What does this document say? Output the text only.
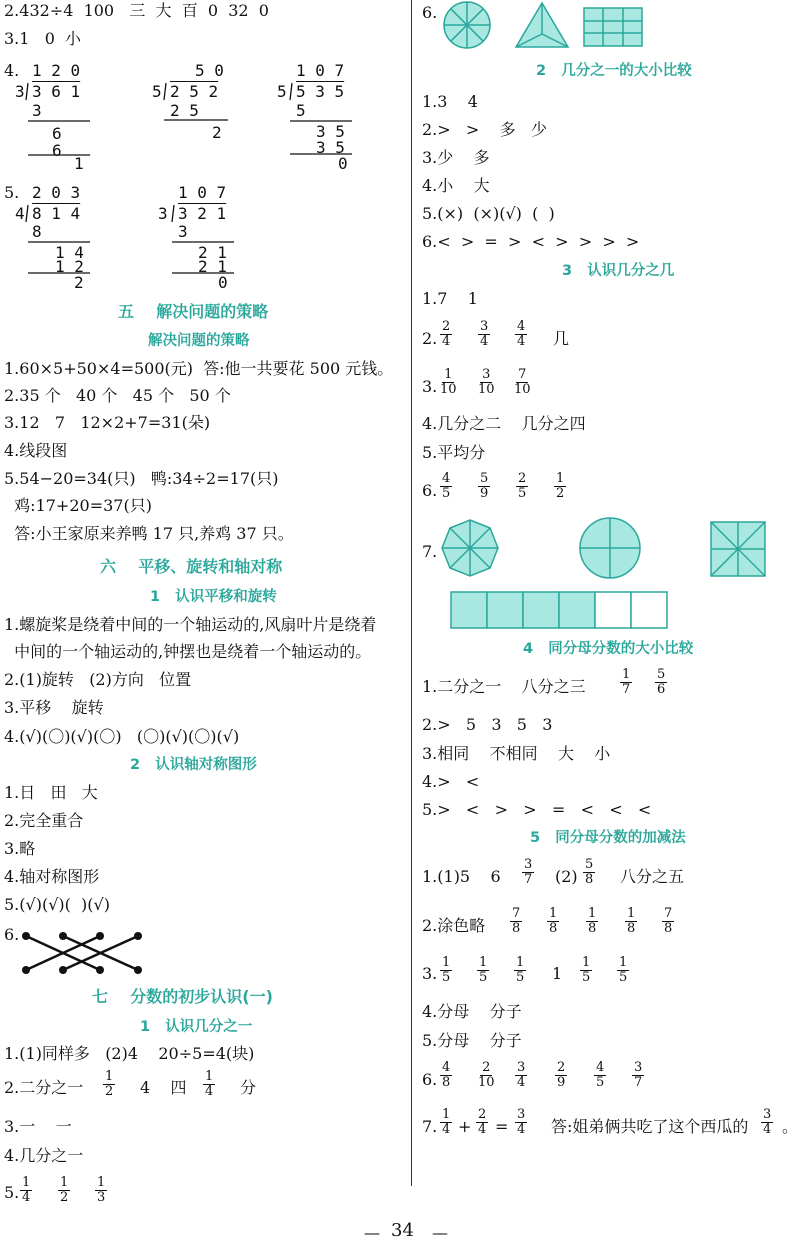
2.432÷4  100   三  大  百  0  32  0
3.1   0  小
4. 1 2 0
3 3 6 1
3
6
6
1
5 0
5 2 5 2
2 5
2
1 0 7
5 5 3 5
5
3 5
3 5
0
5. 2 0 3
4 8 1 4
8
1 4
1 2
2
1 0 7
3 3 2 1
3
2 1
2 1
0
五    解决问题的策略
解决问题的策略
1.60×5+50×4=500(元)  答:他一共要花 500 元钱。
2.35 个   40 个   45 个   50 个
3.12   7   12×2+7=31(朵)
4.线段图
5.54−20=34(只)   鸭:34÷2=17(只)
鸡:17+20=37(只)
答:小王家原来养鸭 17 只,养鸡 37 只。
六    平移、旋转和轴对称
1   认识平移和旋转
1.螺旋桨是绕着中间的一个轴运动的,风扇叶片是绕着
中间的一个轴运动的,钟摆也是绕着一个轴运动的。
2.(1)旋转   (2)方向   位置
3.平移    旋转
4.(√)(〇)(√)(〇)   (〇)(√)(〇)(√)
2   认识轴对称图形
1.日   田   大
2.完全重合
3.略
4.轴对称图形
5.(√)(√)(  )(√)
6.
七    分数的初步认识(一)
1   认识几分之一
1.(1)同样多   (2)4    20÷5=4(块)
2.二分之一
1
2 4    四
1
4 分
3.一    一
4.几分之一
5.
1
4
1
2
1
3
6.
2   几分之一的大小比较
1.3    4
2.>   >    多   少
3.少    多
4.小    大
5.(×)  (×)(√)  (  )
6.<  >  =  >  <  >  >  >  >
3   认识几分之几
1.7    1
2.
2
4
3
4
4
4 几
3.
1
10
3
10
7
10
4.几分之二    几分之四
5.平均分
6.
4
5
5
9
2
5
1
2
7.
4   同分母分数的大小比较
1.二分之一    八分之三
1
7
5
6
2.>   5   3   5   3
3.相同    不相同    大    小
4.>   <
5.>   <   >   >   =   <   <   <
5   同分母分数的加减法
1.(1)5    6
3
7 (2)
5
8 八分之五
2.涂色略
7
8
1
8
1
8
1
8
7
8
3.
1
5
1
5
1
5 1
1
5
1
5
4.分母    分子
5.分母    分子
6.
4
8
2
10
3
4
2
9
4
5
3
7
7.
1
4 +
2
4 =
3
4 答:姐弟俩共吃了这个西瓜的
3
4 。
— 34 —
